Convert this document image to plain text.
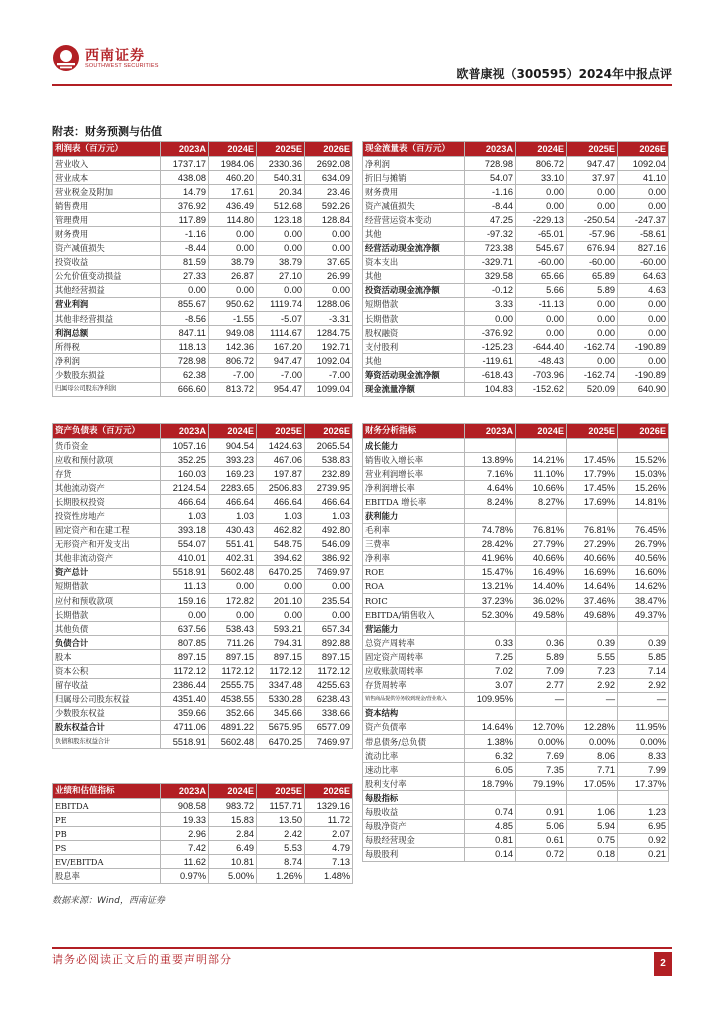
西南证券
SOUTHWEST SECURITIES
欧普康视（300595）2024年中报点评
附表：财务预测与估值
利润表（百万元）	2023A	2024E	2025E	2026E
营业收入	1737.17	1984.06	2330.36	2692.08
营业成本	438.08	460.20	540.31	634.09
营业税金及附加	14.79	17.61	20.34	23.46
销售费用	376.92	436.49	512.68	592.26
管理费用	117.89	114.80	123.18	128.84
财务费用	-1.16	0.00	0.00	0.00
资产减值损失	-8.44	0.00	0.00	0.00
投资收益	81.59	38.79	38.79	37.65
公允价值变动损益	27.33	26.87	27.10	26.99
其他经营损益	0.00	0.00	0.00	0.00
营业利润	855.67	950.62	1119.74	1288.06
其他非经营损益	-8.56	-1.55	-5.07	-3.31
利润总额	847.11	949.08	1114.67	1284.75
所得税	118.13	142.36	167.20	192.71
净利润	728.98	806.72	947.47	1092.04
少数股东损益	62.38	-7.00	-7.00	-7.00
归属母公司股东净利润	666.60	813.72	954.47	1099.04
现金流量表（百万元）	2023A	2024E	2025E	2026E
净利润	728.98	806.72	947.47	1092.04
折旧与摊销	54.07	33.10	37.97	41.10
财务费用	-1.16	0.00	0.00	0.00
资产减值损失	-8.44	0.00	0.00	0.00
经营营运资本变动	47.25	-229.13	-250.54	-247.37
其他	-97.32	-65.01	-57.96	-58.61
经营活动现金流净额	723.38	545.67	676.94	827.16
资本支出	-329.71	-60.00	-60.00	-60.00
其他	329.58	65.66	65.89	64.63
投资活动现金流净额	-0.12	5.66	5.89	4.63
短期借款	3.33	-11.13	0.00	0.00
长期借款	0.00	0.00	0.00	0.00
股权融资	-376.92	0.00	0.00	0.00
支付股利	-125.23	-644.40	-162.74	-190.89
其他	-119.61	-48.43	0.00	0.00
筹资活动现金流净额	-618.43	-703.96	-162.74	-190.89
现金流量净额	104.83	-152.62	520.09	640.90
资产负债表（百万元）	2023A	2024E	2025E	2026E
货币资金	1057.16	904.54	1424.63	2065.54
应收和预付款项	352.25	393.23	467.06	538.83
存货	160.03	169.23	197.87	232.89
其他流动资产	2124.54	2283.65	2506.83	2739.95
长期股权投资	466.64	466.64	466.64	466.64
投资性房地产	1.03	1.03	1.03	1.03
固定资产和在建工程	393.18	430.43	462.82	492.80
无形资产和开发支出	554.07	551.41	548.75	546.09
其他非流动资产	410.01	402.31	394.62	386.92
资产总计	5518.91	5602.48	6470.25	7469.97
短期借款	11.13	0.00	0.00	0.00
应付和预收款项	159.16	172.82	201.10	235.54
长期借款	0.00	0.00	0.00	0.00
其他负债	637.56	538.43	593.21	657.34
负债合计	807.85	711.26	794.31	892.88
股本	897.15	897.15	897.15	897.15
资本公积	1172.12	1172.12	1172.12	1172.12
留存收益	2386.44	2555.75	3347.48	4255.63
归属母公司股东权益	4351.40	4538.55	5330.28	6238.43
少数股东权益	359.66	352.66	345.66	338.66
股东权益合计	4711.06	4891.22	5675.95	6577.09
负债和股东权益合计	5518.91	5602.48	6470.25	7469.97
财务分析指标	2023A	2024E	2025E	2026E
成长能力				
销售收入增长率	13.89%	14.21%	17.45%	15.52%
营业利润增长率	7.16%	11.10%	17.79%	15.03%
净利润增长率	4.64%	10.66%	17.45%	15.26%
EBITDA 增长率	8.24%	8.27%	17.69%	14.81%
获利能力				
毛利率	74.78%	76.81%	76.81%	76.45%
三费率	28.42%	27.79%	27.29%	26.79%
净利率	41.96%	40.66%	40.66%	40.56%
ROE	15.47%	16.49%	16.69%	16.60%
ROA	13.21%	14.40%	14.64%	14.62%
ROIC	37.23%	36.02%	37.46%	38.47%
EBITDA/销售收入	52.30%	49.58%	49.68%	49.37%
营运能力				
总资产周转率	0.33	0.36	0.39	0.39
固定资产周转率	7.25	5.89	5.55	5.85
应收账款周转率	7.02	7.09	7.23	7.14
存货周转率	3.07	2.77	2.92	2.92
销售商品提供劳务收到现金/营业收入	109.95%	—	—	—
资本结构				
资产负债率	14.64%	12.70%	12.28%	11.95%
带息债务/总负债	1.38%	0.00%	0.00%	0.00%
流动比率	6.32	7.69	8.06	8.33
速动比率	6.05	7.35	7.71	7.99
股利支付率	18.79%	79.19%	17.05%	17.37%
每股指标				
每股收益	0.74	0.91	1.06	1.23
每股净资产	4.85	5.06	5.94	6.95
每股经营现金	0.81	0.61	0.75	0.92
每股股利	0.14	0.72	0.18	0.21
业绩和估值指标	2023A	2024E	2025E	2026E
EBITDA	908.58	983.72	1157.71	1329.16
PE	19.33	15.83	13.50	11.72
PB	2.96	2.84	2.42	2.07
PS	7.42	6.49	5.53	4.79
EV/EBITDA	11.62	10.81	8.74	7.13
股息率	0.97%	5.00%	1.26%	1.48%
数据来源：Wind，西南证券
请务必阅读正文后的重要声明部分	2
